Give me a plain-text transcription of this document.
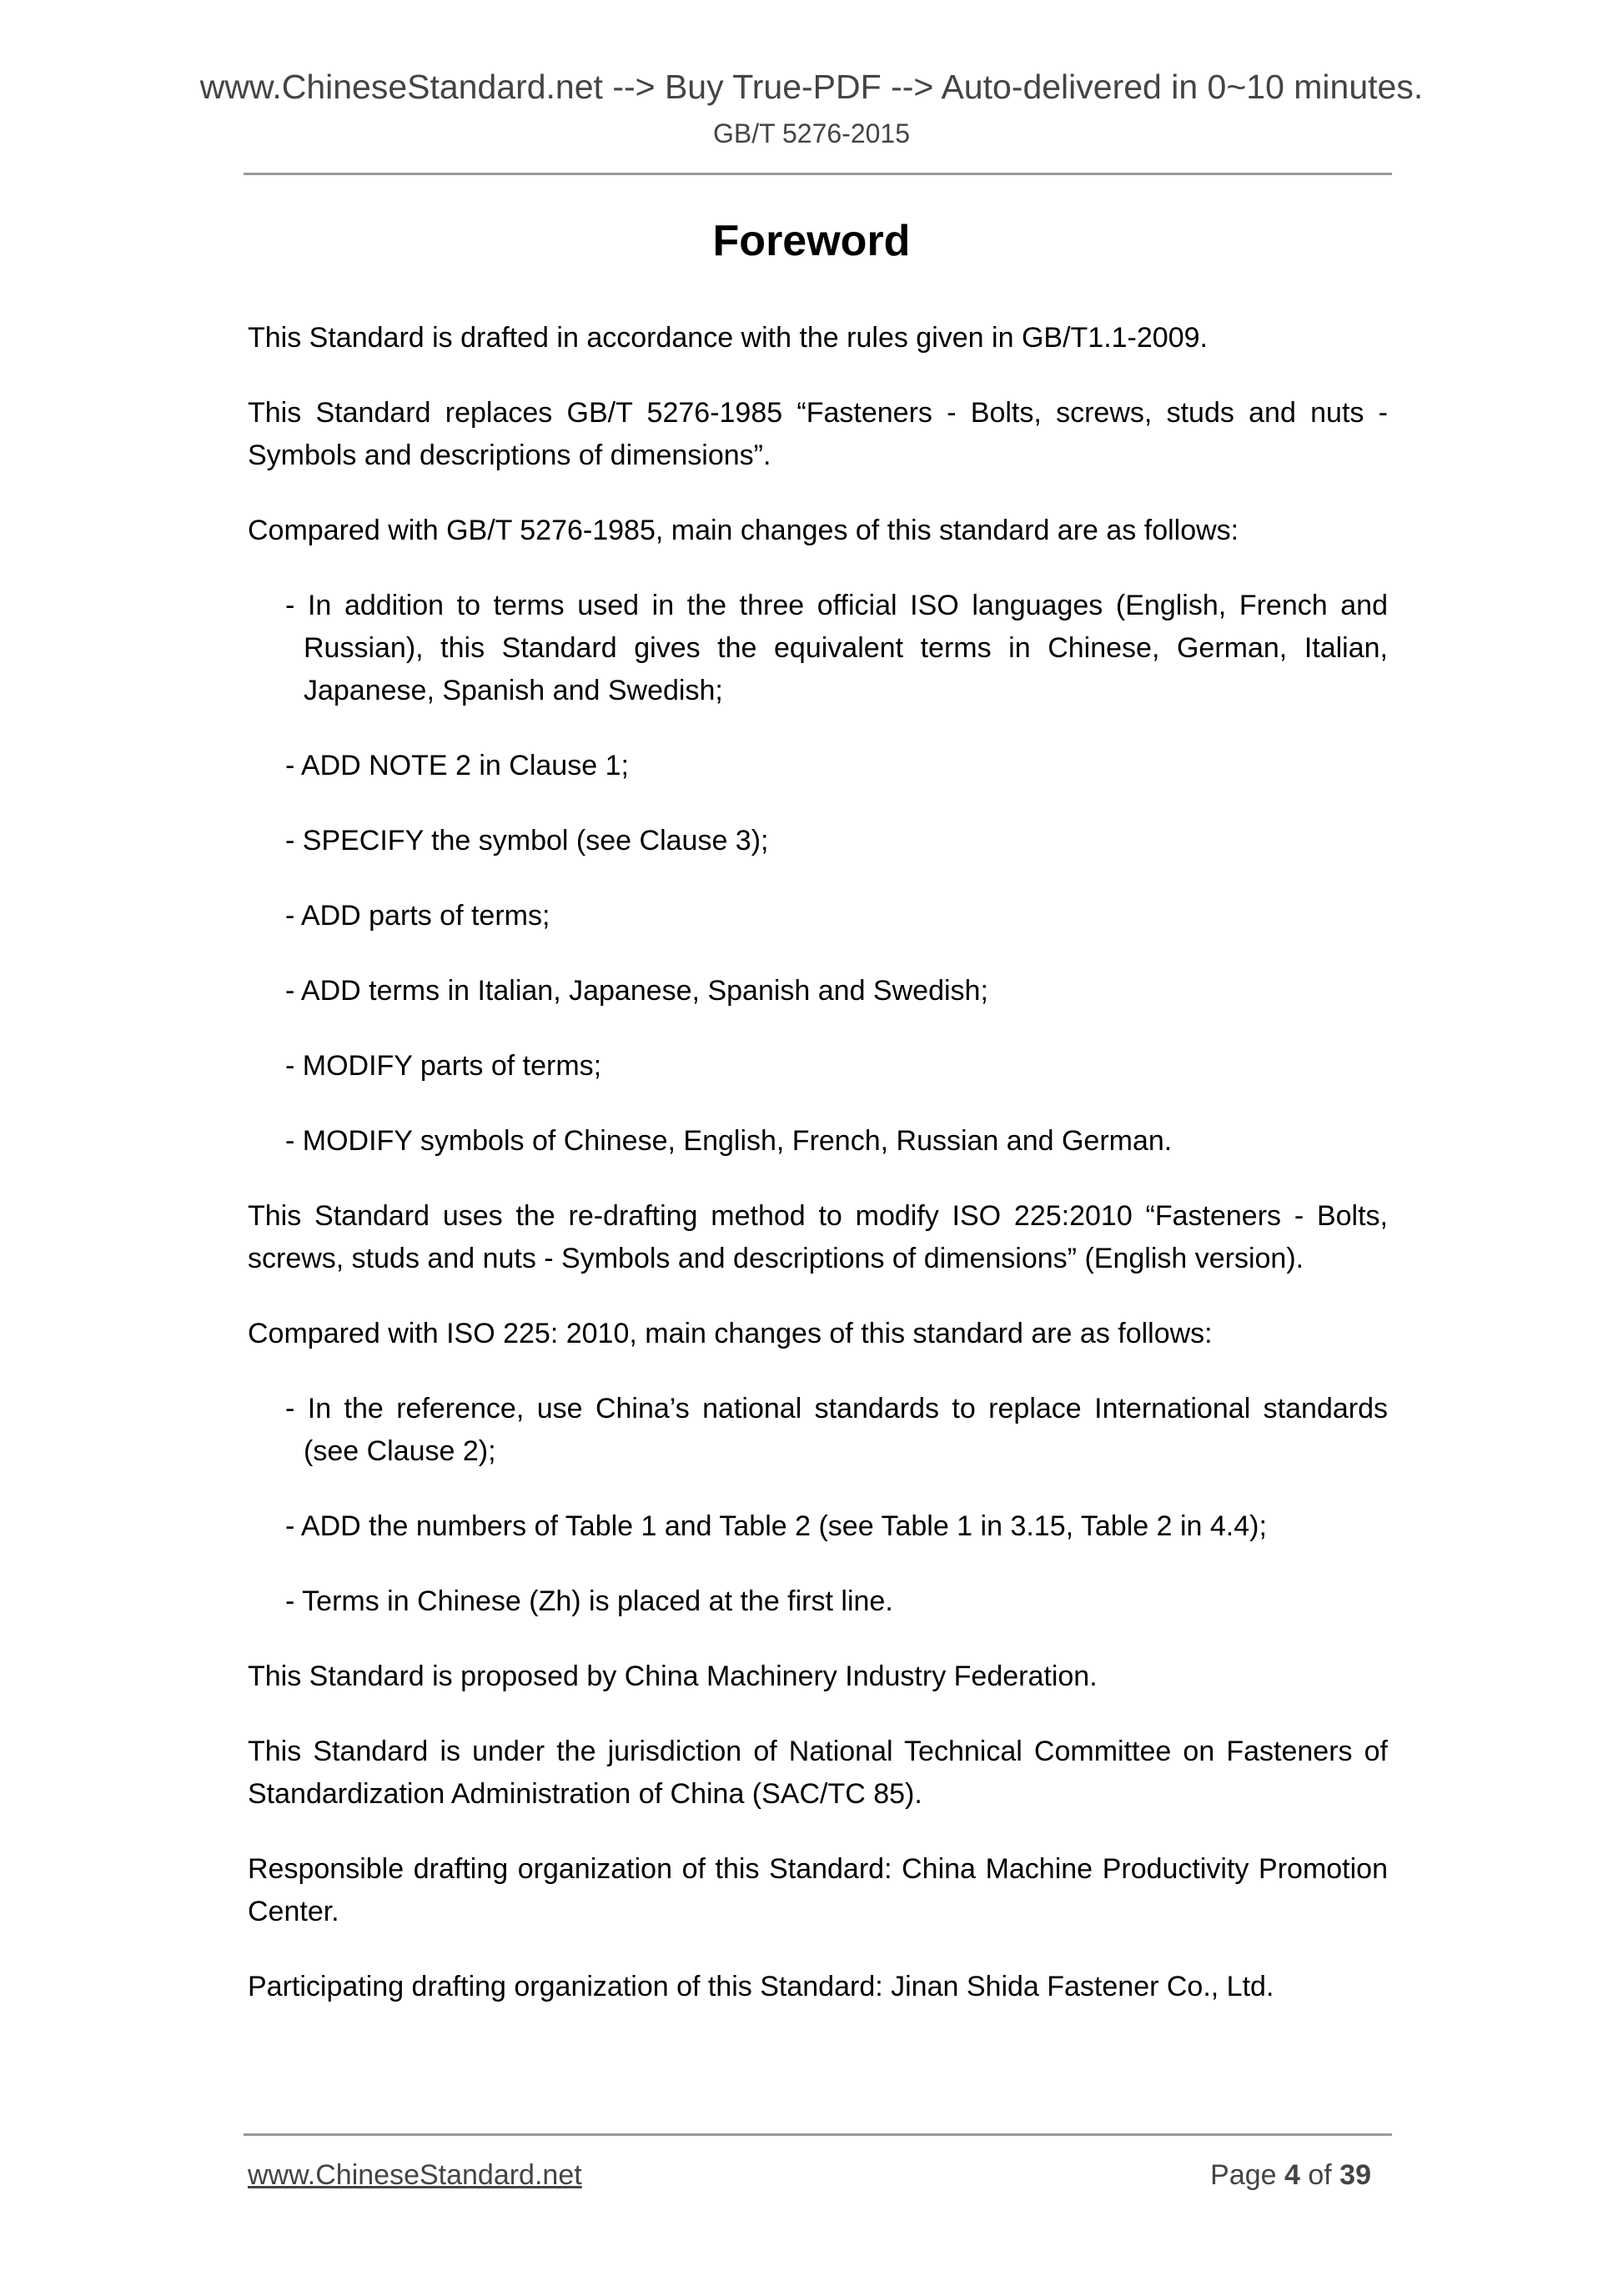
www.ChineseStandard.net --> Buy True-PDF --> Auto-delivered in 0~10 minutes.
GB/T 5276-2015
Foreword

This Standard is drafted in accordance with the rules given in GB/T1.1-2009.

This Standard replaces GB/T 5276-1985 “Fasteners - Bolts, screws, studs and nuts - Symbols and descriptions of dimensions”.

Compared with GB/T 5276-1985, main changes of this standard are as follows:

- In addition to terms used in the three official ISO languages (English, French and Russian), this Standard gives the equivalent terms in Chinese, German, Italian, Japanese, Spanish and Swedish;

- ADD NOTE 2 in Clause 1;

- SPECIFY the symbol (see Clause 3);

- ADD parts of terms;

- ADD terms in Italian, Japanese, Spanish and Swedish;

- MODIFY parts of terms;

- MODIFY symbols of Chinese, English, French, Russian and German.

This Standard uses the re-drafting method to modify ISO 225:2010 “Fasteners - Bolts, screws, studs and nuts - Symbols and descriptions of dimensions” (English version).

Compared with ISO 225: 2010, main changes of this standard are as follows:

- In the reference, use China’s national standards to replace International standards (see Clause 2);

- ADD the numbers of Table 1 and Table 2 (see Table 1 in 3.15, Table 2 in 4.4);

- Terms in Chinese (Zh) is placed at the first line.

This Standard is proposed by China Machinery Industry Federation.

This Standard is under the jurisdiction of National Technical Committee on Fasteners of Standardization Administration of China (SAC/TC 85).

Responsible drafting organization of this Standard: China Machine Productivity Promotion Center.

Participating drafting organization of this Standard: Jinan Shida Fastener Co., Ltd.

www.ChineseStandard.net	Page 4 of 39
